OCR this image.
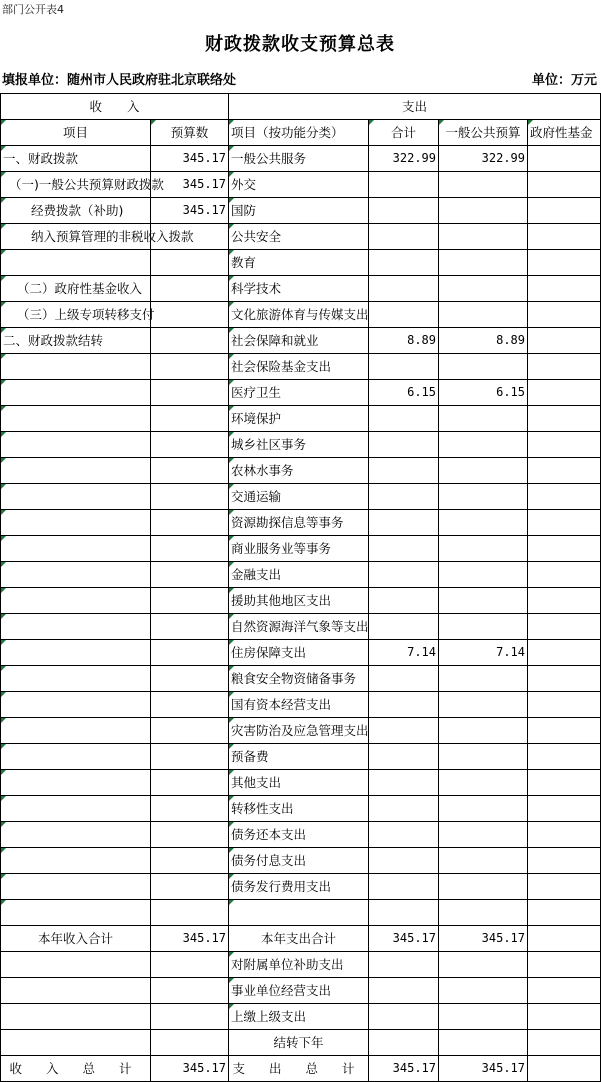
部门公开表4
财政拨款收支预算总表
填报单位：随州市人民政府驻北京联络处	单位：万元
收　　入		支出			
项目	预算数	项目（按功能分类）	合计	一般公共预算	政府性基金
一、财政拨款	345.17	一般公共服务	322.99	322.99	
（一)一般公共预算财政拨款	345.17	外交			
经费拨款（补助)	345.17	国防			
纳入预算管理的非税收入拨款		公共安全			
		教育			
（二）政府性基金收入		科学技术			
（三）上级专项转移支付		文化旅游体育与传媒支出			
二、财政拨款结转		社会保障和就业	8.89	8.89	
		社会保险基金支出			
		医疗卫生	6.15	6.15	
		环境保护			
		城乡社区事务			
		农林水事务			
		交通运输			
		资源勘探信息等事务			
		商业服务业等事务			
		金融支出			
		援助其他地区支出			
		自然资源海洋气象等支出			
		住房保障支出	7.14	7.14	
		粮食安全物资储备事务			
		国有资本经营支出			
		灾害防治及应急管理支出			
		预备费			
		其他支出			
		转移性支出			
		债务还本支出			
		债务付息支出			
		债务发行费用支出			

本年收入合计	345.17	本年支出合计	345.17	345.17	
		对附属单位补助支出			
		事业单位经营支出			
		上缴上级支出			
		结转下年			
收 入 总 计	345.17	支 出 总 计	345.17	345.17	
